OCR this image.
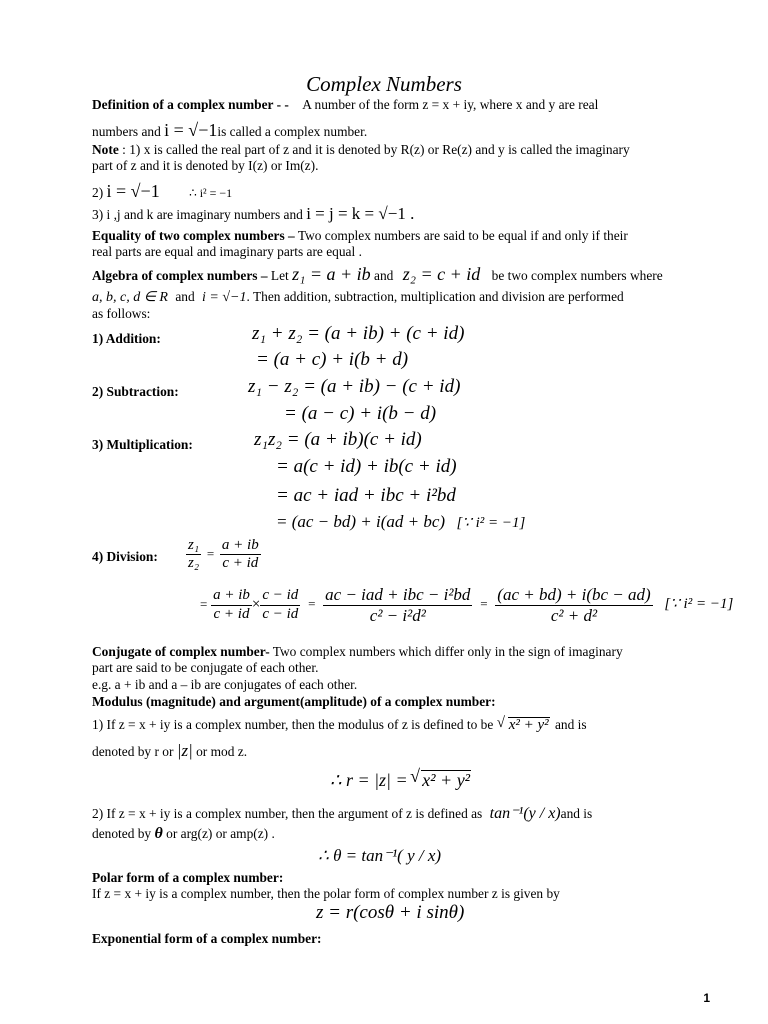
Complex Numbers
Definition of a complex number - - A number of the form z = x + iy, where x and y are real
numbers and i = √−1is called a complex number.
Note : 1) x is called the real part of z and it is denoted by R(z) or Re(z) and y is called the imaginary
part of z and it is denoted by I(z) or Im(z).
2) i = √−1 ∴ i² = −1
3) i ,j and k are imaginary numbers and i = j = k = √−1 .
Equality of two complex numbers – Two complex numbers are said to be equal if and only if their
real parts are equal and imaginary parts are equal .
Algebra of complex numbers – Let z₁ = a + ib and z₂ = c + id be two complex numbers where
a, b, c, d ∈ R and i = √−1. Then addition, subtraction, multiplication and division are performed
as follows:
1) Addition:	z₁ + z₂ = (a + ib) + (c + id)
= (a + c) + i(b + d)
2) Subtraction:	z₁ − z₂ = (a + ib) − (c + id)
= (a − c) + i(b − d)
3) Multiplication:	z₁z₂ = (a + ib)(c + id)
= a(c + id) + ib(c + id)
= ac + iad + ibc + i²bd
= (ac − bd) + i(ad + bc) [∵ i² = −1]
4) Division: $\frac{\text{z₁}}{\text{z₂}} = \frac{a + ib}{c + id}$
= $\frac{a + ib}{c + id} \times \frac{c - id}{c - id} = \frac{\text{ac − iad + ibc − i²bd}}{\text{c² − i²d²}} = \frac{(ac + bd) + i(bc - ad)}{\text{c² + d²}}$ [∵ i² = −1]
Conjugate of complex number- Two complex numbers which differ only in the sign of imaginary
part are said to be conjugate of each other.
e.g. a + ib and a – ib are conjugates of each other.
Modulus (magnitude) and argument(amplitude) of a complex number:
1) If z = x + iy is a complex number, then the modulus of z is defined to be √ x² + y² and is
denoted by r or |z| or mod z.
∴ r = |z| = √ x² + y²
2) If z = x + iy is a complex number, then the argument of z is defined as tan⁻¹(y / x)and is
denoted by θ or arg(z) or amp(z) .
∴ θ = tan⁻¹( y / x)
Polar form of a complex number:
If z = x + iy is a complex number, then the polar form of complex number z is given by
z = r(cosθ + i sinθ)
Exponential form of a complex number:
1
